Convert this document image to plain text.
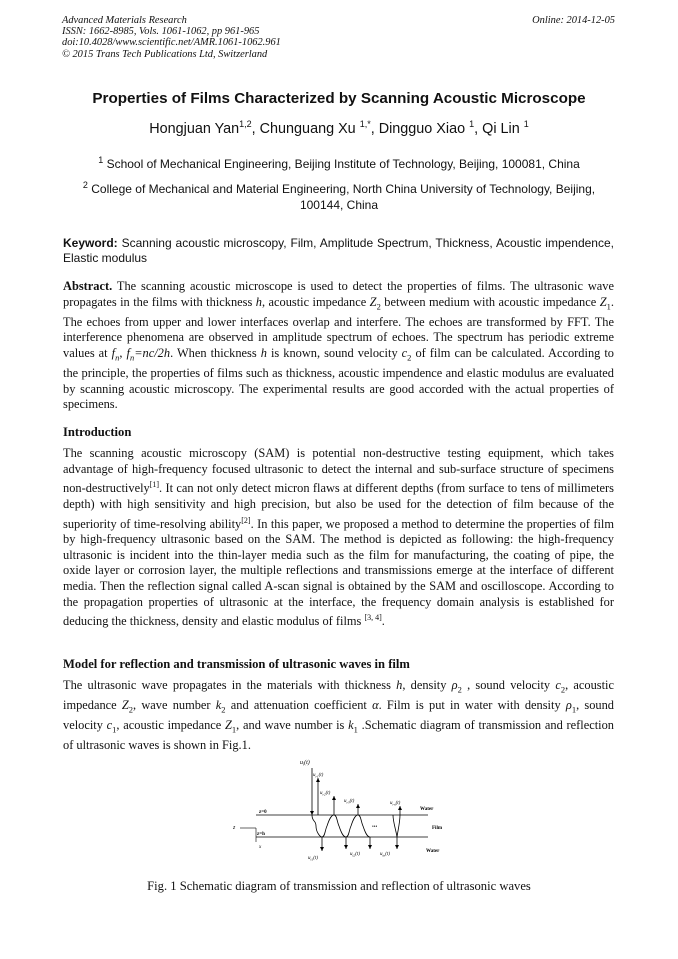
Advanced Materials Research
ISSN: 1662-8985, Vols. 1061-1062, pp 961-965
doi:10.4028/www.scientific.net/AMR.1061-1062.961
© 2015 Trans Tech Publications Ltd, Switzerland
Online: 2014-12-05
Properties of Films Characterized by Scanning Acoustic Microscope
Hongjuan Yan$^{1,2}$, Chunguang Xu $^{1,*}$, Dingguo Xiao $^1$, Qi Lin $^1$
$^1$ School of Mechanical Engineering, Beijing Institute of Technology, Beijing, 100081, China
$^2$ College of Mechanical and Material Engineering, North China University of Technology, Beijing, 100144, China
Keyword: Scanning acoustic microscopy, Film, Amplitude Spectrum, Thickness, Acoustic impendence, Elastic modulus
Abstract. The scanning acoustic microscope is used to detect the properties of films. The ultrasonic wave propagates in the films with thickness h, acoustic impedance $Z_2$ between medium with acoustic impedance $Z_1$. The echoes from upper and lower interfaces overlap and interfere. The echoes are transformed by FFT. The interference phenomena are observed in amplitude spectrum of echoes. The spectrum has periodic extreme values at $f_n$, $f_n=nc/2h$. When thickness h is known, sound velocity $c_2$ of film can be calculated. According to the principle, the properties of films such as thickness, acoustic impendence and elastic modulus are evaluated by scanning acoustic microscopy. The experimental results are good accorded with the actual properties of specimens.
Introduction
The scanning acoustic microscopy (SAM) is potential non-destructive testing equipment, which takes advantage of high-frequency focused ultrasonic to detect the internal and sub-surface structure of specimens non-destructively[1]. It can not only detect micron flaws at different depths (from surface to tens of millimeters depth) with high sensitivity and high precision, but also be used for the detection of film because of the superiority of time-resolving ability[2]. In this paper, we proposed a method to determine the properties of film by high-frequency ultrasonic based on the SAM. The method is depicted as following: the high-frequency ultrasonic is incident into the thin-layer media such as the film for manufacturing, the coating of pipe, the oxide layer or corrosion layer, the multiple reflections and transmissions emerge at the interface of different media. Then the reflection signal called A-scan signal is obtained by the SAM and oscilloscope. According to the propagation properties of ultrasonic at the interface, the frequency domain analysis is established for deducing the thickness, density and elastic modulus of films [3, 4].
Model for reflection and transmission of ultrasonic waves in film
The ultrasonic wave propagates in the materials with thickness h, density $\rho_2$ , sound velocity $c_2$, acoustic impedance $Z_2$, wave number $k_2$ and attenuation coefficient α. Film is put in water with density $\rho_1$, sound velocity $c_1$, acoustic impedance $Z_1$, and wave number is $k_1$ .Schematic diagram of transmission and reflection of ultrasonic waves is shown in Fig.1.
$u_i(t)$
$u_{r1}(t)$
$u_{r2}(t)$
$u_{r3}(t)$	$u_{rn}(t)$
$u_{t1}(t)$
$u_{t2}(t)$	$u_{tn}(t)$
z=0
z=h
z
x
Water
Film
Water
•••
Fig. 1 Schematic diagram of transmission and reflection of ultrasonic waves
